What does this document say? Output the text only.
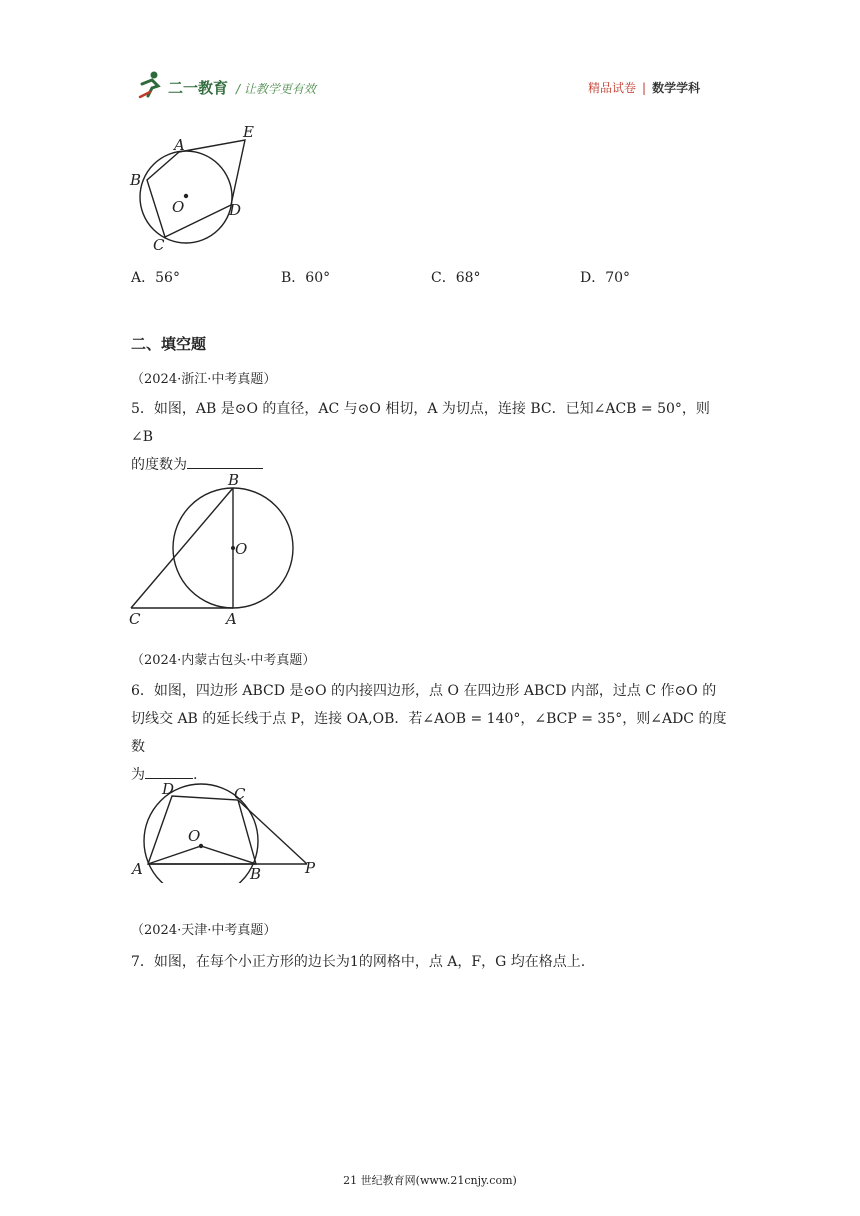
二一教育 / 让教学更有效	精品试卷 | 数学学科
A
B
C
D
E
O
A．56°	B．60°	C．68°	D．70°
二、填空题
（2024·浙江·中考真题）
5．如图，AB 是⊙O 的直径，AC 与⊙O 相切，A 为切点，连接 BC．已知∠ACB = 50°，则∠B
的度数为
B
O
C	A
（2024·内蒙古包头·中考真题）
6．如图，四边形 ABCD 是⊙O 的内接四边形，点 O 在四边形 ABCD 内部，过点 C 作⊙O 的
切线交 AB 的延长线于点 P，连接 OA,OB．若∠AOB = 140°，∠BCP = 35°，则∠ADC 的度数
为	.
D	C
O
A	B	P
（2024·天津·中考真题）
7．如图，在每个小正方形的边长为1的网格中，点 A，F，G 均在格点上.
21 世纪教育网(www.21cnjy.com)
